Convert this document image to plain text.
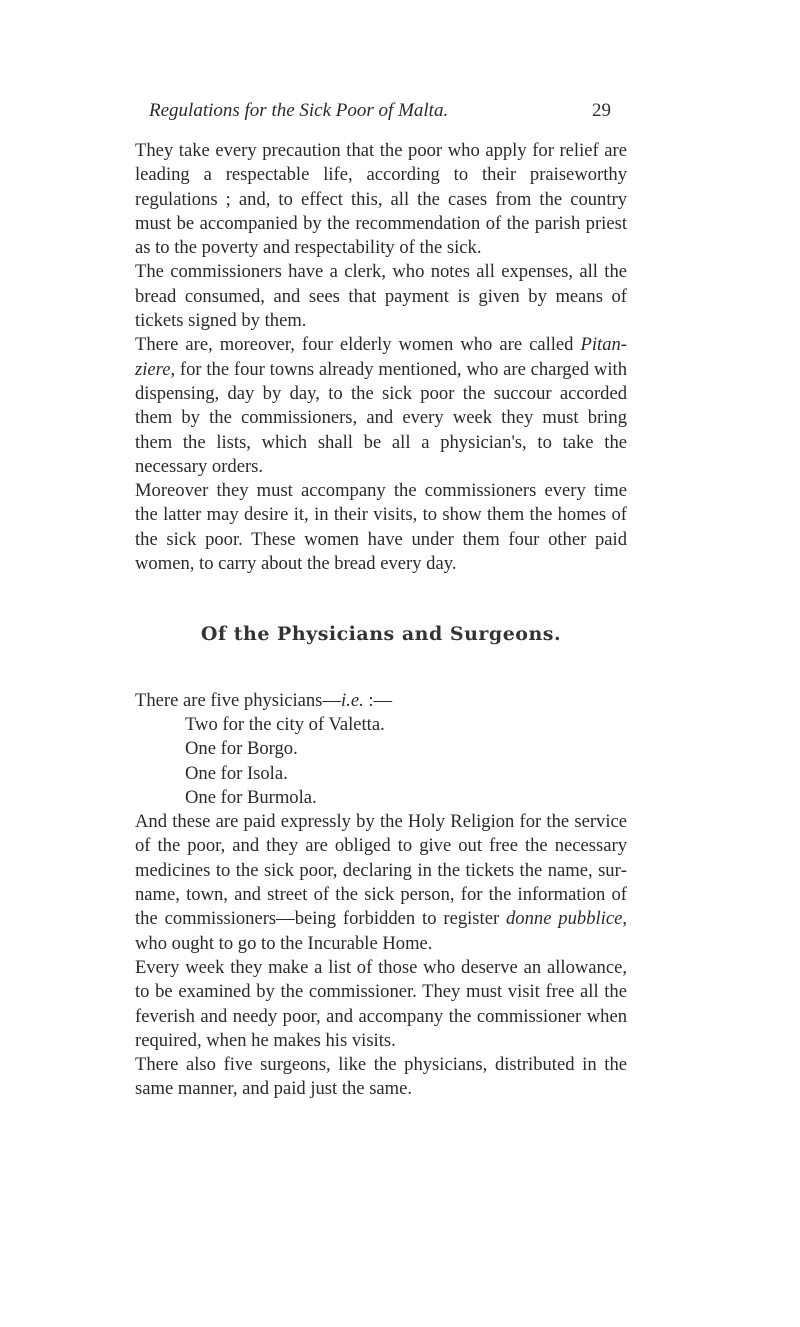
Regulations for the Sick Poor of Malta.	29

They take every precaution that the poor who apply for relief are leading a respectable life, according to their praiseworthy regulations ; and, to effect this, all the cases from the country must be accompanied by the recommendation of the parish priest as to the poverty and respectability of the sick.

The commissioners have a clerk, who notes all expenses, all the bread consumed, and sees that payment is given by means of tickets signed by them.

There are, moreover, four elderly women who are called Pitanziere, for the four towns already mentioned, who are charged with dispensing, day by day, to the sick poor the succour accorded them by the commissioners, and every week they must bring them the lists, which shall be all a physician's, to take the necessary orders.

Moreover they must accompany the commissioners every time the latter may desire it, in their visits, to show them the homes of the sick poor. These women have under them four other paid women, to carry about the bread every day.

Of the Physicians and Surgeons.

There are five physicians—i.e. :—

Two for the city of Valetta.
One for Borgo.
One for Isola.
One for Burmola.

And these are paid expressly by the Holy Religion for the service of the poor, and they are obliged to give out free the necessary medicines to the sick poor, declaring in the tickets the name, surname, town, and street of the sick person, for the information of the commissioners—being forbidden to register donne pubblice, who ought to go to the Incurable Home.

Every week they make a list of those who deserve an allowance, to be examined by the commissioner. They must visit free all the feverish and needy poor, and accompany the commissioner when required, when he makes his visits.

There also five surgeons, like the physicians, distributed in the same manner, and paid just the same.
